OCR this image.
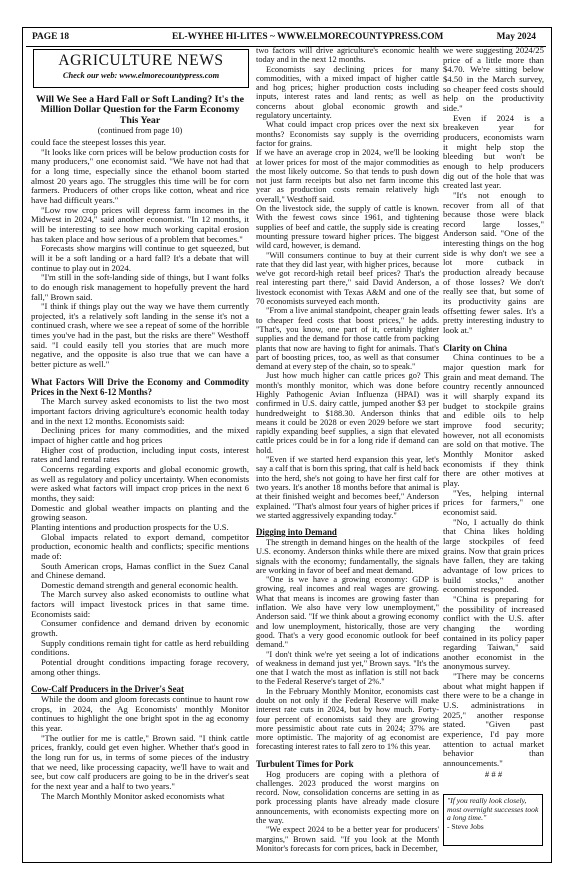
PAGE 18	EL-WYHEE HI-LITES ~ WWW.ELMORECOUNTYPRESS.COM	May 2024
AGRICULTURE NEWS
Check our web: www.elmorecountypress.com
Will We See a Hard Fall or Soft Landing? It's the Million Dollar Question for the Farm Economy This Year
(continued from page 10)

could face the steepest losses this year.

"It looks like corn prices will be below production costs for many producers," one economist said. "We have not had that for a long time, especially since the ethanol boom started almost 20 years ago. The struggles this time will be for corn farmers. Producers of other crops like cotton, wheat and rice have had difficult years."

"Low row crop prices will depress farm incomes in the Midwest in 2024," said another economist. "In 12 months, it will be interesting to see how much working capital erosion has taken place and how serious of a problem that becomes."

Forecasts show margins will continue to get squeezed, but will it be a soft landing or a hard fall? It's a debate that will continue to play out in 2024.

"I'm still in the soft-landing side of things, but I want folks to do enough risk management to hopefully prevent the hard fall," Brown said.

"I think if things play out the way we have them currently projected, it's a relatively soft landing in the sense it's not a continued crash, where we see a repeat of some of the horrible times you've had in the past, but the risks are there" Westhoff said. "I could easily tell you stories that are much more negative, and the opposite is also true that we can have a better picture as well."

What Factors Will Drive the Economy and Commodity Prices in the Next 6-12 Months?

The March survey asked economists to list the two most important factors driving agriculture's economic health today and in the next 12 months. Economists said:

Declining prices for many commodities, and the mixed impact of higher cattle and hog prices

Higher cost of production, including input costs, interest rates and land rental rates

Concerns regarding exports and global economic growth, as well as regulatory and policy uncertainty. When economists were asked what factors will impact crop prices in the next 6 months, they said:

Domestic and global weather impacts on planting and the growing season.

Planting intentions and production prospects for the U.S.

Global impacts related to export demand, competitor production, economic health and conflicts; specific mentions made of:

South American crops, Hamas conflict in the Suez Canal and Chinese demand.

Domestic demand strength and general economic health.

The March survey also asked economists to outline what factors will impact livestock prices in that same time. Economists said:

Consumer confidence and demand driven by economic growth.

Supply conditions remain tight for cattle as herd rebuilding conditions.

Potential drought conditions impacting forage recovery, among other things.

Cow-Calf Producers in the Driver's Seat

While the doom and gloom forecasts continue to haunt row crops, in 2024, the Ag Economists' monthly Monitor continues to highlight the one bright spot in the ag economy this year.

"The outlier for me is cattle," Brown said. "I think cattle prices, frankly, could get even higher. Whether that's good in the long run for us, in terms of some pieces of the industry that we need, like processing capacity, we'll have to wait and see, but cow calf producers are going to be in the driver's seat for the next year and a half to two years."

The March Monthly Monitor asked economists what

two factors will drive agriculture's economic health today and in the next 12 months.

Economists say declining prices for many commodities, with a mixed impact of higher cattle and hog prices; higher production costs including inputs, interest rates and land rents; as well as concerns about global economic growth and regulatory uncertainty.

What could impact crop prices over the next six months? Economists say supply is the overriding factor for grains.

If we have an average crop in 2024, we'll be looking at lower prices for most of the major commodities as the most likely outcome. So that tends to push down not just farm receipts but also net farm income this year as production costs remain relatively high overall," Westhoff said.

On the livestock side, the supply of cattle is known. With the fewest cows since 1961, and tightening supplies of beef and cattle, the supply side is creating mounting pressure toward higher prices. The biggest wild card, however, is demand.

"Will consumers continue to buy at their current rate that they did last year, with higher prices, because we've got record-high retail beef prices? That's the real interesting part there," said David Anderson, a livestock economist with Texas A&M and one of the 70 economists surveyed each month.

"From a live animal standpoint, cheaper grain leads to cheaper feed costs that boost prices," he adds. "That's, you know, one part of it, certainly tighter supplies and the demand for those cattle from packing plants that now are having to fight for animals. That's part of boosting prices, too, as well as that consumer demand at every step of the chain, so to speak."

Just how much higher can cattle prices go? This month's monthly monitor, which was done before Highly Pathogenic Avian Influenza (HPAI) was confirmed in U.S. dairy cattle, jumped another $3 per hundredweight to $188.30. Anderson thinks that means it could be 2028 or even 2029 before we start rapidly expanding beef supplies, a sign that elevated cattle prices could be in for a long ride if demand can hold.

"Even if we started herd expansion this year, let's say a calf that is born this spring, that calf is held back into the herd, she's not going to have her first calf for two years. It's another 18 months before that animal is at their finished weight and becomes beef," Anderson explained. "That's almost four years of higher prices if we started aggressively expanding today."

Digging into Demand

The strength in demand hinges on the health of the U.S. economy. Anderson thinks while there are mixed signals with the economy; fundamentally, the signals are working in favor of beef and meat demand.

"One is we have a growing economy: GDP is growing, real incomes and real wages are growing. What that means is incomes are growing faster than inflation. We also have very low unemployment," Anderson said. "If we think about a growing economy and low unemployment, historically, those are very good. That's a very good economic outlook for beef demand."

"I don't think we're yet seeing a lot of indications of weakness in demand just yet," Brown says. "It's the one that I watch the most as inflation is still not back to the Federal Reserve's target of 2%."

In the February Monthly Monitor, economists cast doubt on not only if the Federal Reserve will make interest rate cuts in 2024, but by how much. Forty-four percent of economists said they are growing more pessimistic about rate cuts in 2024; 37% are more optimistic. The majority of ag economist are forecasting interest rates to fall zero to 1% this year.

Turbulent Times for Pork

Hog producers are coping with a plethora of challenges. 2023 produced the worst margins on record. Now, consolidation concerns are setting in as pork processing plants have already made closure announcements, with economists expecting more on the way.

"We expect 2024 to be a better year for producers' margins," Brown said. "If you look at the Month Monitor's forecasts for corn prices, back in December,

we were suggesting 2024/25 price of a little more than $4.70. We're sitting below $4.50 in the March survey, so cheaper feed costs should help on the productivity side."

Even if 2024 is a breakeven year for producers, economists warn it might help stop the bleeding but won't be enough to help producers dig out of the hole that was created last year.

"It's not enough to recover from all of that because those were black record large losses," Anderson said. "One of the interesting things on the hog side is why don't we see a lot more cutback in production already because of those losses? We don't really see that, but some of its productivity gains are offsetting fewer sales. It's a pretty interesting industry to look at."

Clarity on China

China continues to be a major question mark for grain and meat demand. The country recently announced it will sharply expand its budget to stockpile grains and edible oils to help improve food security; however, not all economists are sold on that motive. The Monthly Monitor asked economists if they think there are other motives at play.

"Yes, helping internal prices for farmers," one economist said.

"No, I actually do think that China likes holding large stockpiles of feed grains. Now that grain prices have fallen, they are taking advantage of low prices to build stocks," another economist responded.

"China is preparing for the possibility of increased conflict with the U.S. after changing the wording contained in its policy paper regarding Taiwan," said another economist in the anonymous survey.

"There may be concerns about what might happen if there were to be a change in U.S. administrations in 2025," another response stated. "Given past experience, I'd pay more attention to actual market behavior than announcements."

# # #
"If you really look closely, most overnight successes took a long time."
- Steve Jobs
